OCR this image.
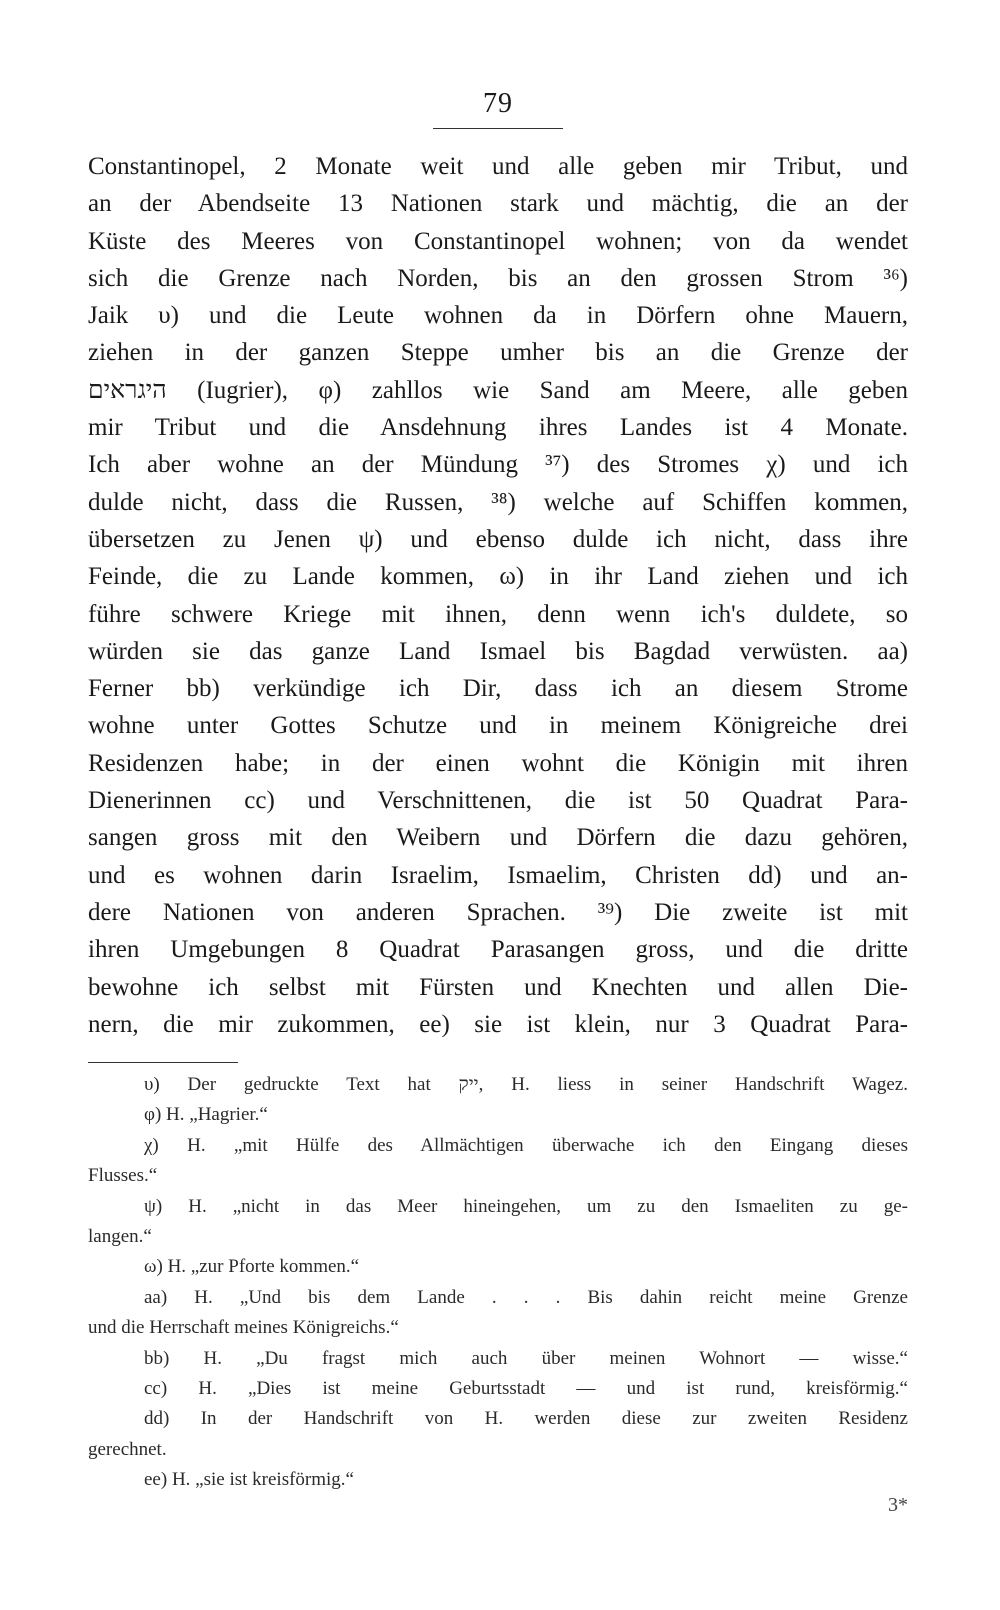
79
Constantinopel, 2 Monate weit und alle geben mir Tribut, und
an der Abendseite 13 Nationen stark und mächtig, die an der
Küste des Meeres von Constantinopel wohnen; von da wendet
sich die Grenze nach Norden, bis an den grossen Strom ³⁶)
Jaik υ) und die Leute wohnen da in Dörfern ohne Mauern,
ziehen in der ganzen Steppe umher bis an die Grenze der
היגראים (Iugrier), φ) zahllos wie Sand am Meere, alle geben
mir Tribut und die Ansdehnung ihres Landes ist 4 Monate.
Ich aber wohne an der Mündung ³⁷) des Stromes χ) und ich
dulde nicht, dass die Russen, ³⁸) welche auf Schiffen kommen,
übersetzen zu Jenen ψ) und ebenso dulde ich nicht, dass ihre
Feinde, die zu Lande kommen, ω) in ihr Land ziehen und ich
führe schwere Kriege mit ihnen, denn wenn ich's duldete, so
würden sie das ganze Land Ismael bis Bagdad verwüsten. aa)
Ferner bb) verkündige ich Dir, dass ich an diesem Strome
wohne unter Gottes Schutze und in meinem Königreiche drei
Residenzen habe; in der einen wohnt die Königin mit ihren
Dienerinnen cc) und Verschnittenen, die ist 50 Quadrat Para-
sangen gross mit den Weibern und Dörfern die dazu gehören,
und es wohnen darin Israelim, Ismaelim, Christen dd) und an-
dere Nationen von anderen Sprachen. ³⁹) Die zweite ist mit
ihren Umgebungen 8 Quadrat Parasangen gross, und die dritte
bewohne ich selbst mit Fürsten und Knechten und allen Die-
nern, die mir zukommen, ee) sie ist klein, nur 3 Quadrat Para-
υ) Der gedruckte Text hat ייק, H. liess in seiner Handschrift Wagez.
φ) H. „Hagrier.“
χ) H. „mit Hülfe des Allmächtigen überwache ich den Eingang dieses
Flusses.“
ψ) H. „nicht in das Meer hineingehen, um zu den Ismaeliten zu ge-
langen.“
ω) H. „zur Pforte kommen.“
aa) H. „Und bis dem Lande . . . Bis dahin reicht meine Grenze
und die Herrschaft meines Königreichs.“
bb) H. „Du fragst mich auch über meinen Wohnort — wisse.“
cc) H. „Dies ist meine Geburtsstadt — und ist rund, kreisförmig.“
dd) In der Handschrift von H. werden diese zur zweiten Residenz
gerechnet.
ee) H. „sie ist kreisförmig.“
3*
